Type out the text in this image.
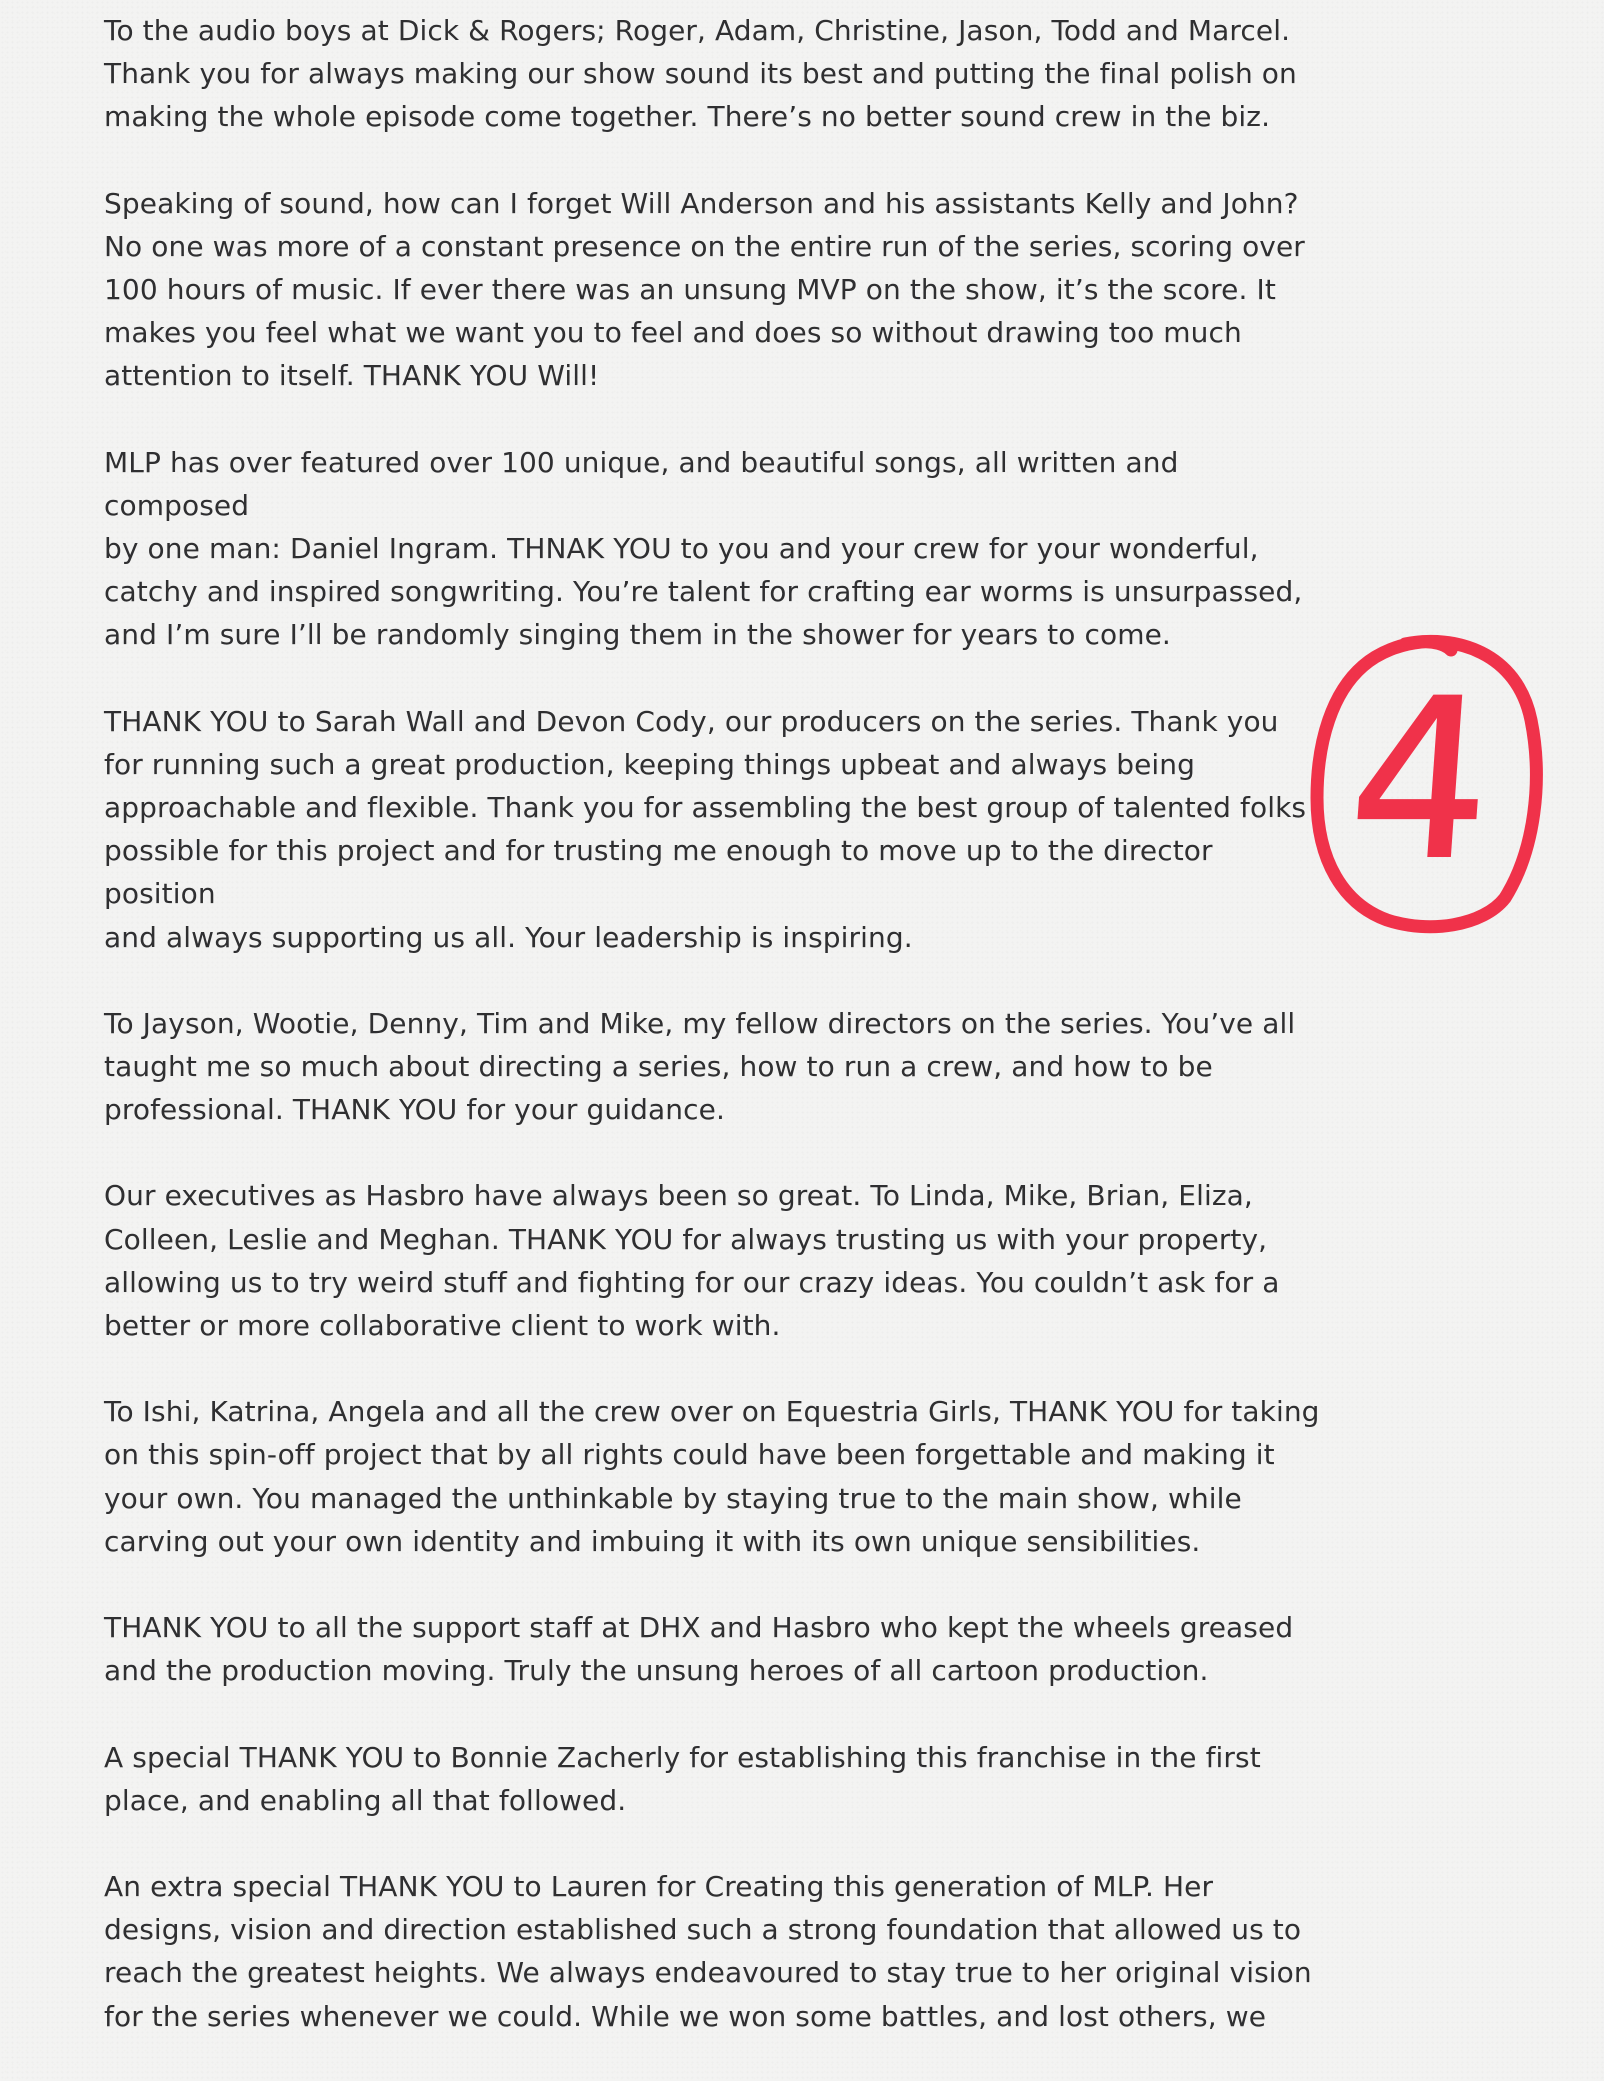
To the audio boys at Dick & Rogers; Roger, Adam, Christine, Jason, Todd and Marcel.
Thank you for always making our show sound its best and putting the final polish on
making the whole episode come together. There’s no better sound crew in the biz.

Speaking of sound, how can I forget Will Anderson and his assistants Kelly and John?
No one was more of a constant presence on the entire run of the series, scoring over
100 hours of music. If ever there was an unsung MVP on the show, it’s the score. It
makes you feel what we want you to feel and does so without drawing too much
attention to itself. THANK YOU Will!

MLP has over featured over 100 unique, and beautiful songs, all written and composed
by one man: Daniel Ingram. THNAK YOU to you and your crew for your wonderful,
catchy and inspired songwriting. You’re talent for crafting ear worms is unsurpassed,
and I’m sure I’ll be randomly singing them in the shower for years to come.

THANK YOU to Sarah Wall and Devon Cody, our producers on the series. Thank you
for running such a great production, keeping things upbeat and always being
approachable and flexible. Thank you for assembling the best group of talented folks
possible for this project and for trusting me enough to move up to the director position
and always supporting us all. Your leadership is inspiring.

To Jayson, Wootie, Denny, Tim and Mike, my fellow directors on the series. You’ve all
taught me so much about directing a series, how to run a crew, and how to be
professional. THANK YOU for your guidance.

Our executives as Hasbro have always been so great. To Linda, Mike, Brian, Eliza,
Colleen, Leslie and Meghan. THANK YOU for always trusting us with your property,
allowing us to try weird stuff and fighting for our crazy ideas. You couldn’t ask for a
better or more collaborative client to work with.

To Ishi, Katrina, Angela and all the crew over on Equestria Girls, THANK YOU for taking
on this spin-off project that by all rights could have been forgettable and making it
your own. You managed the unthinkable by staying true to the main show, while
carving out your own identity and imbuing it with its own unique sensibilities.

THANK YOU to all the support staff at DHX and Hasbro who kept the wheels greased
and the production moving. Truly the unsung heroes of all cartoon production.

A special THANK YOU to Bonnie Zacherly for establishing this franchise in the first
place, and enabling all that followed.

An extra special THANK YOU to Lauren for Creating this generation of MLP. Her
designs, vision and direction established such a strong foundation that allowed us to
reach the greatest heights. We always endeavoured to stay true to her original vision
for the series whenever we could. While we won some battles, and lost others, we

4
